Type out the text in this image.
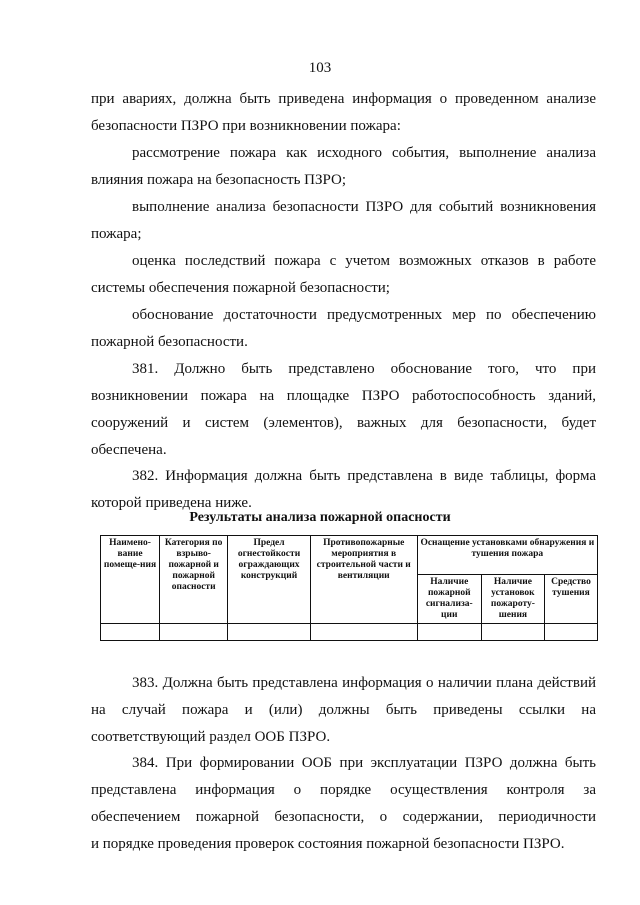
103
при авариях, должна быть приведена информация о проведенном анализе
безопасности ПЗРО при возникновении пожара:
рассмотрение пожара как исходного события, выполнение анализа
влияния пожара на безопасность ПЗРО;
выполнение анализа безопасности ПЗРО для событий возникновения
пожара;
оценка последствий пожара с учетом возможных отказов в работе
системы обеспечения пожарной безопасности;
обоснование достаточности предусмотренных мер по обеспечению
пожарной безопасности.
381. Должно быть представлено обоснование того, что при
возникновении пожара на площадке ПЗРО работоспособность зданий,
сооружений и систем (элементов), важных для безопасности, будет
обеспечена.
382. Информация должна быть представлена в виде таблицы, форма
которой приведена ниже.
Результаты анализа пожарной опасности
Наимено-вание помеще-ния	Категория по взрыво-пожарной и пожарной опасности	Предел огнестойкости ограждающих конструкций	Противопожарные мероприятия в строительной части и вентиляции	Оснащение установками обнаружения и тушения пожара		
				Наличие пожарной сигнализа-ции	Наличие установок пожароту-шения	Средство тушения

383. Должна быть представлена информация о наличии плана действий
на случай пожара и (или) должны быть приведены ссылки на
соответствующий раздел ООБ ПЗРО.
384. При формировании ООБ при эксплуатации ПЗРО должна быть
представлена информация о порядке осуществления контроля за
обеспечением пожарной безопасности, о содержании, периодичности
и порядке проведения проверок состояния пожарной безопасности ПЗРО.
